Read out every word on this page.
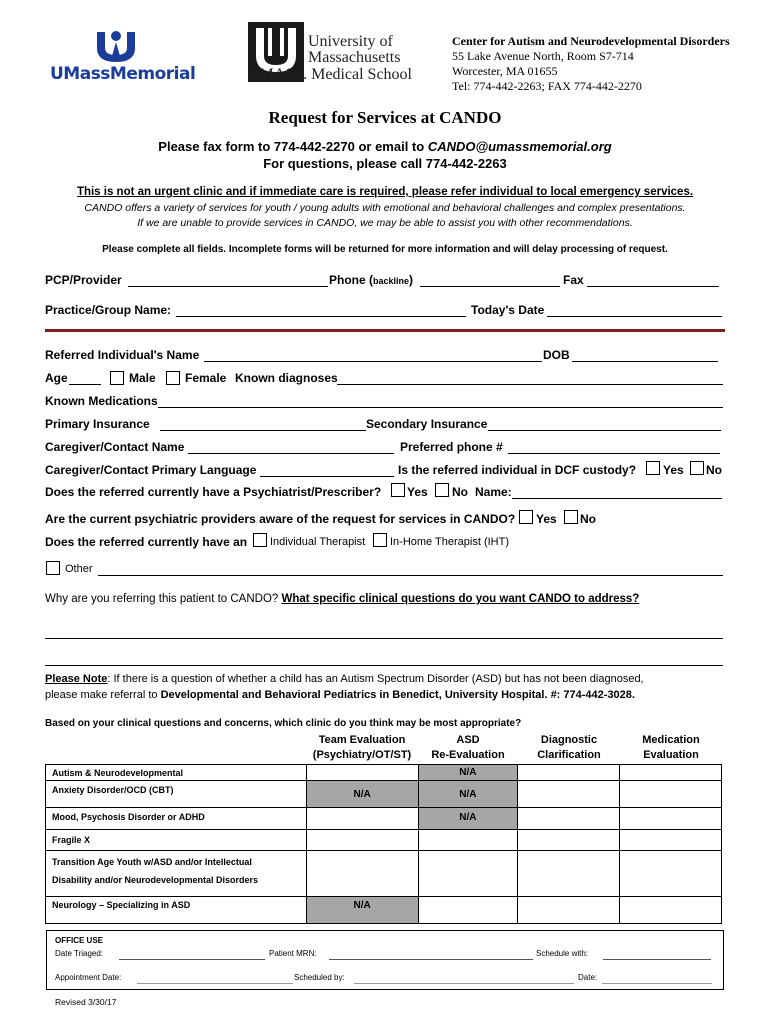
UMassMemorial
University of
Massachusetts
UMASS. Medical School
Center for Autism and Neurodevelopmental Disorders
55 Lake Avenue North, Room S7-714
Worcester, MA 01655
Tel: 774-442-2263; FAX 774-442-2270
Request for Services at CANDO
Please fax form to 774-442-2270 or email to CANDO@umassmemorial.org
For questions, please call 774-442-2263
This is not an urgent clinic and if immediate care is required, please refer individual to local emergency services.
CANDO offers a variety of services for youth / young adults with emotional and behavioral challenges and complex presentations.
If we are unable to provide services in CANDO, we may be able to assist you with other recommendations.
Please complete all fields. Incomplete forms will be returned for more information and will delay processing of request.
PCP/Provider	Phone (backline)	Fax
Practice/Group Name:	Today's Date
Referred Individual's Name	DOB
Age	Male Female Known diagnoses
Known Medications
Primary Insurance	Secondary Insurance
Caregiver/Contact Name	Preferred phone #
Caregiver/Contact Primary Language	Is the referred individual in DCF custody? Yes No
Does the referred currently have a Psychiatrist/Prescriber? Yes No Name:
Are the current psychiatric providers aware of the request for services in CANDO? Yes No
Does the referred currently have an Individual Therapist In-Home Therapist (IHT)
Other
Why are you referring this patient to CANDO? What specific clinical questions do you want CANDO to address?
Please Note: If there is a question of whether a child has an Autism Spectrum Disorder (ASD) but has not been diagnosed,
please make referral to Developmental and Behavioral Pediatrics in Benedict, University Hospital. #: 774-442-3028.
Based on your clinical questions and concerns, which clinic do you think may be most appropriate?
Team Evaluation
(Psychiatry/OT/ST)
ASD
Re-Evaluation
Diagnostic
Clarification
Medication
Evaluation
Autism & Neurodevelopmental		N/A		
Anxiety Disorder/OCD (CBT)	N/A	N/A		
Mood, Psychosis Disorder or ADHD		N/A		
Fragile X				

Transition Age Youth w/ASD and/or Intellectual
Disability and/or Neurodevelopmental Disorders				

Neurology – Specializing in ASD	N/A			
OFFICE USE
Date Triaged:	Patient MRN:	Schedule with:
Appointment Date:	Scheduled by:	Date:
Revised 3/30/17
